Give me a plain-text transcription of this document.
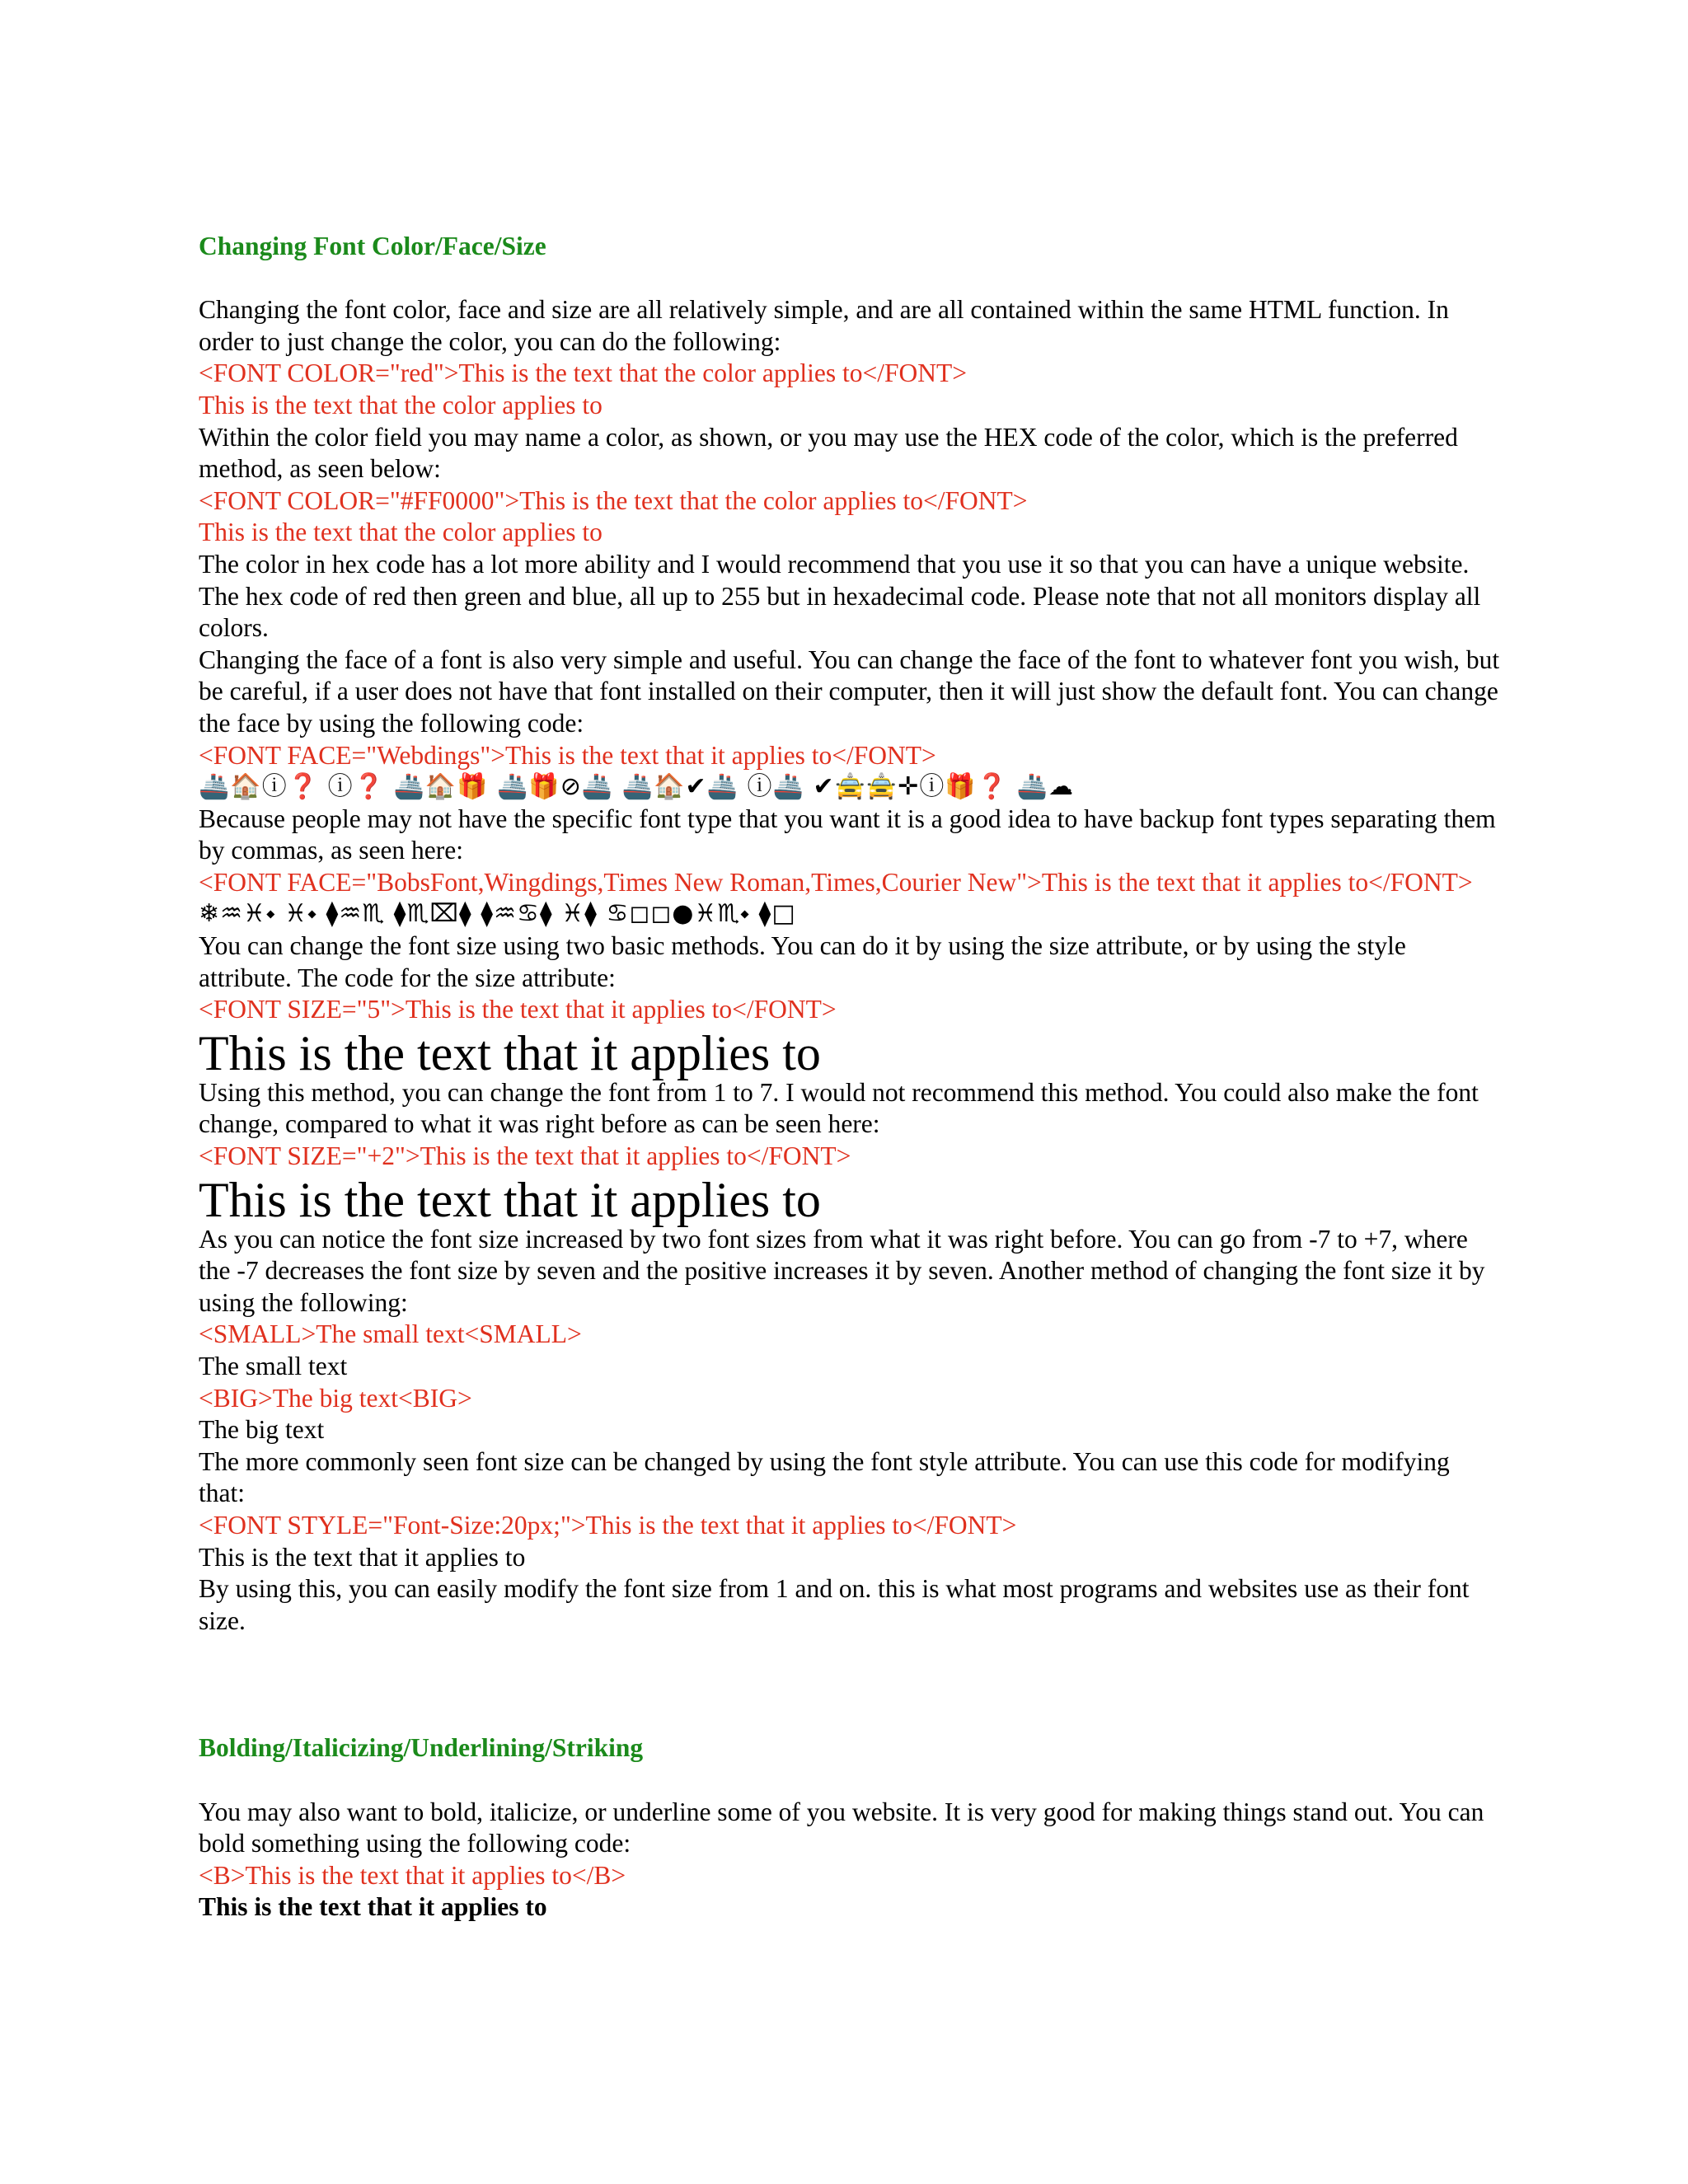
Changing Font Color/Face/Size

Changing the font color, face and size are all relatively simple, and are all contained within the same HTML function. In order to just change the color, you can do the following:

<FONT COLOR="red">This is the text that the color applies to</FONT>

This is the text that the color applies to

Within the color field you may name a color, as shown, or you may use the HEX code of the color, which is the preferred method, as seen below:

<FONT COLOR="#FF0000">This is the text that the color applies to</FONT>

This is the text that the color applies to

The color in hex code has a lot more ability and I would recommend that you use it so that you can have a unique website. The hex code of red then green and blue, all up to 255 but in hexadecimal code. Please note that not all monitors display all colors.

Changing the face of a font is also very simple and useful. You can change the face of the font to whatever font you wish, but be careful, if a user does not have that font installed on their computer, then it will just show the default font. You can change the face by using the following code:

<FONT FACE="Webdings">This is the text that it applies to</FONT>

🚢🏠ⓘ❓ ⓘ❓ 🚢🏠🎁 🚢🎁⊘🚢 🚢🏠✔🚢 ⓘ🚢 ✔🚖🚖✛ⓘ🎁❓ 🚢☁

Because people may not have the specific font type that you want it is a good idea to have backup font types separating them by commas, as seen here:

<FONT FACE="BobsFont,Wingdings,Times New Roman,Times,Courier New">This is the text that it applies to</FONT>

❄♒♓⬩ ♓⬩ ⧫♒♏ ⧫♏⌧⧫ ⧫♒♋⧫ ♓⧫ ♋◻◻●♓♏⬩ ⧫□

You can change the font size using two basic methods. You can do it by using the size attribute, or by using the style attribute. The code for the size attribute:

<FONT SIZE="5">This is the text that it applies to</FONT>

This is the text that it applies to

Using this method, you can change the font from 1 to 7. I would not recommend this method. You could also make the font change, compared to what it was right before as can be seen here:

<FONT SIZE="+2">This is the text that it applies to</FONT>

This is the text that it applies to

As you can notice the font size increased by two font sizes from what it was right before. You can go from -7 to +7, where the -7 decreases the font size by seven and the positive increases it by seven. Another method of changing the font size it by using the following:

<SMALL>The small text<SMALL>

The small text

<BIG>The big text<BIG>

The big text

The more commonly seen font size can be changed by using the font style attribute. You can use this code for modifying that:

<FONT STYLE="Font-Size:20px;">This is the text that it applies to</FONT>

This is the text that it applies to

By using this, you can easily modify the font size from 1 and on. this is what most programs and websites use as their font size.

Bolding/Italicizing/Underlining/Striking

You may also want to bold, italicize, or underline some of you website. It is very good for making things stand out. You can bold something using the following code:

<B>This is the text that it applies to</B>

This is the text that it applies to
